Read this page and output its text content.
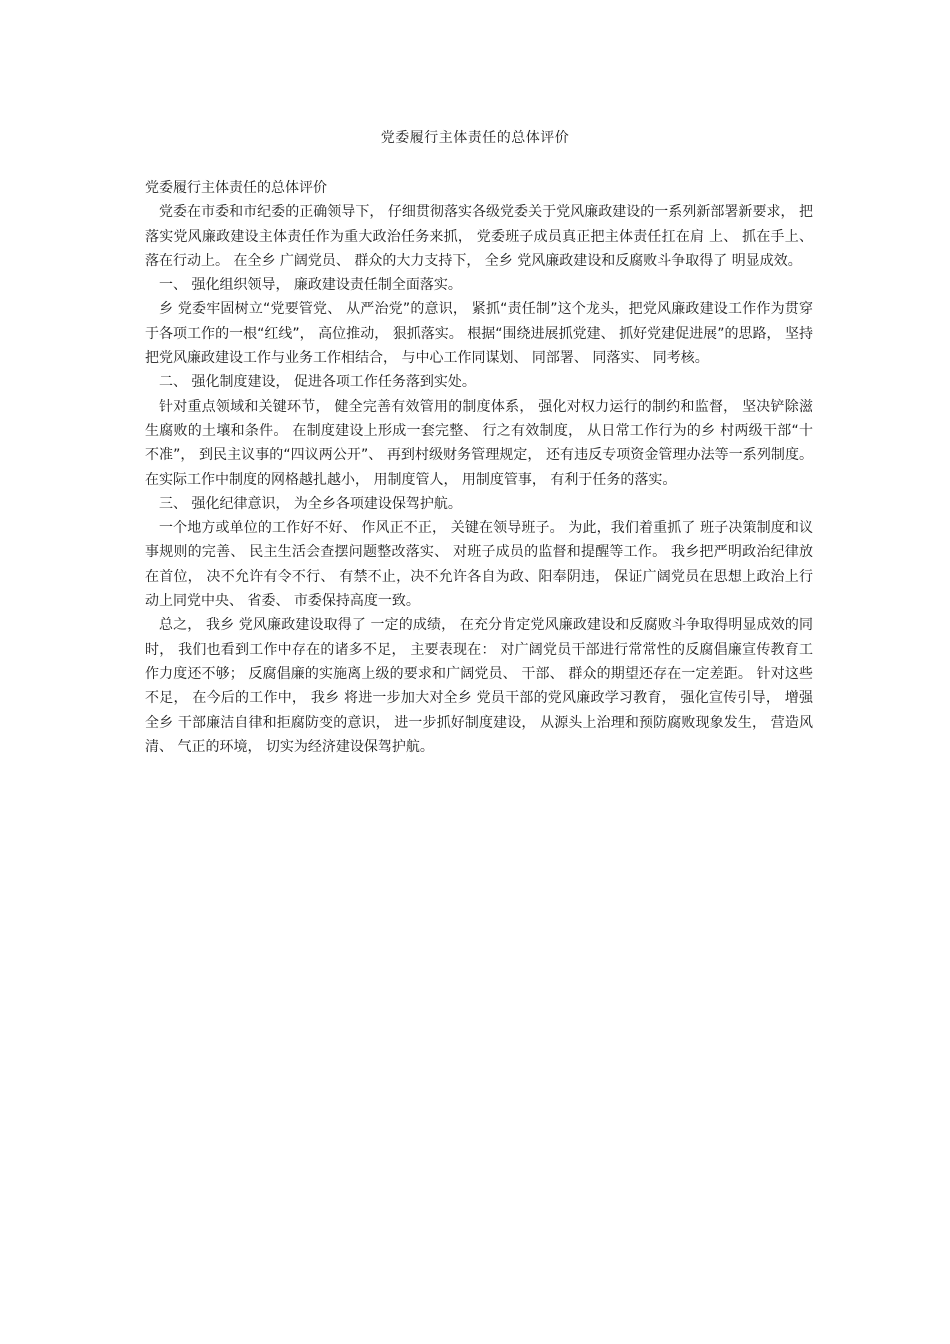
党委履行主体责任的总体评价

党委履行主体责任的总体评价

党委在市委和市纪委的正确领导下， 仔细贯彻落实各级党委关于党风廉政建设的一系列新部署新要求， 把落实党风廉政建设主体责任作为重大政治任务来抓， 党委班子成员真正把主体责任扛在肩 上、 抓在手上、 落在行动上。 在全乡 广阔党员、 群众的大力支持下， 全乡 党风廉政建设和反腐败斗争取得了 明显成效。

一、 强化组织领导， 廉政建设责任制全面落实。

乡 党委牢固树立“党要管党、 从严治党”的意识， 紧抓“责任制”这个龙头，把党风廉政建设工作作为贯穿于各项工作的一根“红线”， 高位推动， 狠抓落实。 根据“围绕进展抓党建、 抓好党建促进展”的思路， 坚持把党风廉政建设工作与业务工作相结合， 与中心工作同谋划、 同部署、 同落实、 同考核。

二、 强化制度建设， 促进各项工作任务落到实处。

针对重点领域和关键环节， 健全完善有效管用的制度体系， 强化对权力运行的制约和监督， 坚决铲除滋生腐败的土壤和条件。 在制度建设上形成一套完整、 行之有效制度， 从日常工作行为的乡 村两级干部“十不准”， 到民主议事的“四议两公开”、 再到村级财务管理规定， 还有违反专项资金管理办法等一系列制度。 在实际工作中制度的网格越扎越小， 用制度管人， 用制度管事， 有利于任务的落实。

三、 强化纪律意识， 为全乡各项建设保驾护航。

一个地方或单位的工作好不好、 作风正不正， 关键在领导班子。 为此，我们着重抓了 班子决策制度和议事规则的完善、 民主生活会查摆问题整改落实、 对班子成员的监督和提醒等工作。 我乡把严明政治纪律放在首位， 决不允许有令不行、 有禁不止，决不允许各自为政、阳奉阴违， 保证广阔党员在思想上政治上行动上同党中央、 省委、 市委保持高度一致。

总之， 我乡 党风廉政建设取得了 一定的成绩， 在充分肯定党风廉政建设和反腐败斗争取得明显成效的同时， 我们也看到工作中存在的诸多不足， 主要表现在： 对广阔党员干部进行常常性的反腐倡廉宣传教育工作力度还不够； 反腐倡廉的实施离上级的要求和广阔党员、 干部、 群众的期望还存在一定差距。 针对这些不足， 在今后的工作中， 我乡 将进一步加大对全乡 党员干部的党风廉政学习教育， 强化宣传引导， 增强全乡 干部廉洁自律和拒腐防变的意识， 进一步抓好制度建设， 从源头上治理和预防腐败现象发生， 营造风清、 气正的环境， 切实为经济建设保驾护航。
